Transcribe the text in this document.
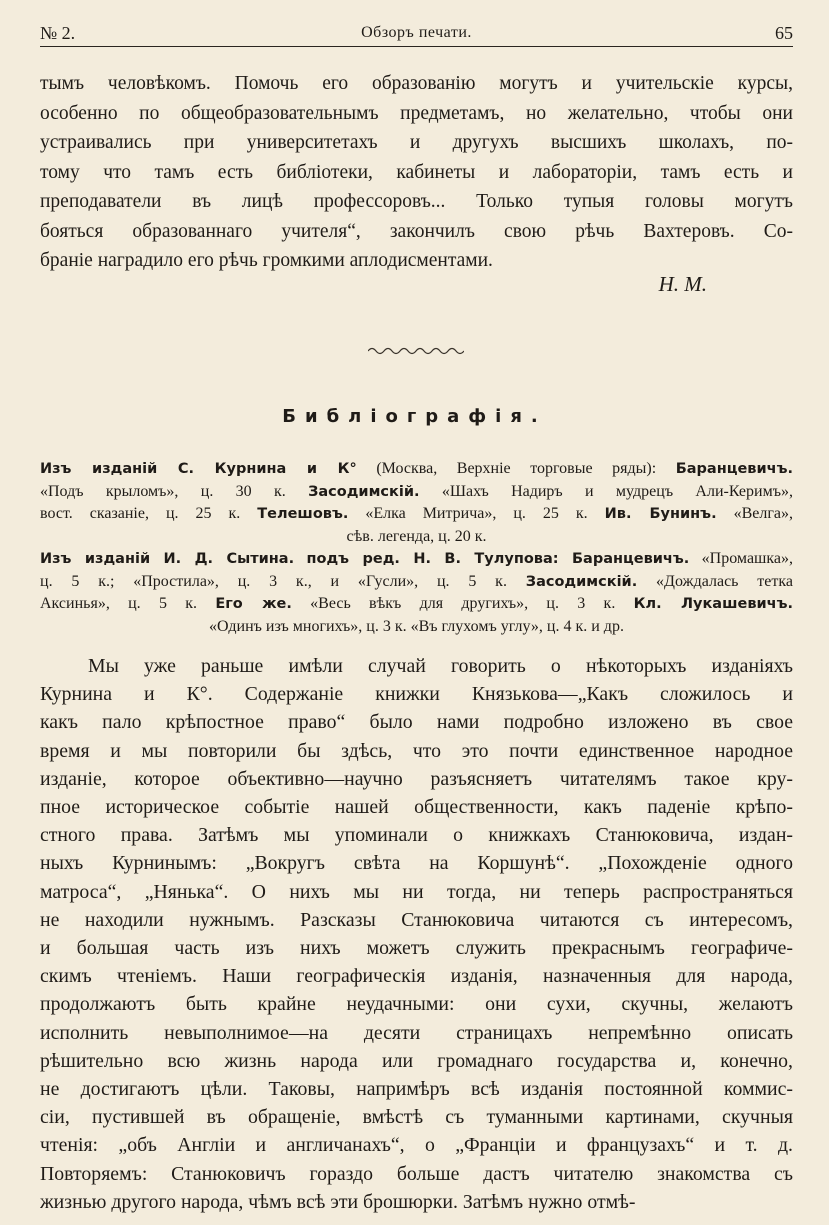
№ 2.	Обзоръ печати.	65
тымъ человѣкомъ. Помочь его образованію могутъ и учительскіе курсы,
особенно по общеобразовательнымъ предметамъ, но желательно, чтобы они
устраивались при университетахъ и другухъ высшихъ школахъ, по-
тому что тамъ есть библіотеки, кабинеты и лабораторіи, тамъ есть и
преподаватели въ лицѣ профессоровъ... Только тупыя головы могутъ
бояться образованнаго учителя“, закончилъ свою рѣчь Вахтеровъ. Со-
браніе наградило его рѣчь громкими аплодисментами.
Н. М.
Библіографія.
Изъ изданій С. Курнина и К° (Москва, Верхніе торговые ряды): Баранцевичъ.
«Подъ крыломъ», ц. 30 к. Засодимскій. «Шахъ Надиръ и мудрецъ Али-Керимъ»,
вост. сказаніе, ц. 25 к. Телешовъ. «Елка Митрича», ц. 25 к. Ив. Бунинъ. «Велга»,
сѣв. легенда, ц. 20 к.
Изъ изданій И. Д. Сытина. подъ ред. Н. В. Тулупова: Баранцевичъ. «Промашка»,
ц. 5 к.; «Простила», ц. 3 к., и «Гусли», ц. 5 к. Засодимскій. «Дождалась тетка
Аксинья», ц. 5 к. Его же. «Весь вѣкъ для другихъ», ц. 3 к. Кл. Лукашевичъ.
«Одинъ изъ многихъ», ц. 3 к. «Въ глухомъ углу», ц. 4 к. и др.
Мы уже раньше имѣли случай говорить о нѣкоторыхъ изданіяхъ
Курнина и К°. Содержаніе книжки Князькова—„Какъ сложилось и
какъ пало крѣпостное право“ было нами подробно изложено въ свое
время и мы повторили бы здѣсь, что это почти единственное народное
изданіе, которое объективно—научно разъясняетъ читателямъ такое кру-
пное историческое событіе нашей общественности, какъ паденіе крѣпо-
стного права. Затѣмъ мы упоминали о книжкахъ Станюковича, издан-
ныхъ Курнинымъ: „Вокругъ свѣта на Коршунѣ“. „Похожденіе одного
матроса“, „Нянька“. О нихъ мы ни тогда, ни теперь распространяться
не находили нужнымъ. Разсказы Станюковича читаются съ интересомъ,
и большая часть изъ нихъ можетъ служить прекраснымъ географиче-
скимъ чтеніемъ. Наши географическія изданія, назначенныя для народа,
продолжаютъ быть крайне неудачными: они сухи, скучны, желаютъ
исполнить невыполнимое—на десяти страницахъ непремѣнно описать
рѣшительно всю жизнь народа или громаднаго государства и, конечно,
не достигаютъ цѣли. Таковы, напримѣръ всѣ изданія постоянной коммис-
сіи, пустившей въ обращеніе, вмѣстѣ съ туманными картинами, скучныя
чтенія: „объ Англіи и англичанахъ“, о „Франціи и французахъ“ и т. д.
Повторяемъ: Станюковичъ гораздо больше дастъ читателю знакомства съ
жизнью другого народа, чѣмъ всѣ эти брошюрки. Затѣмъ нужно отмѣ-
